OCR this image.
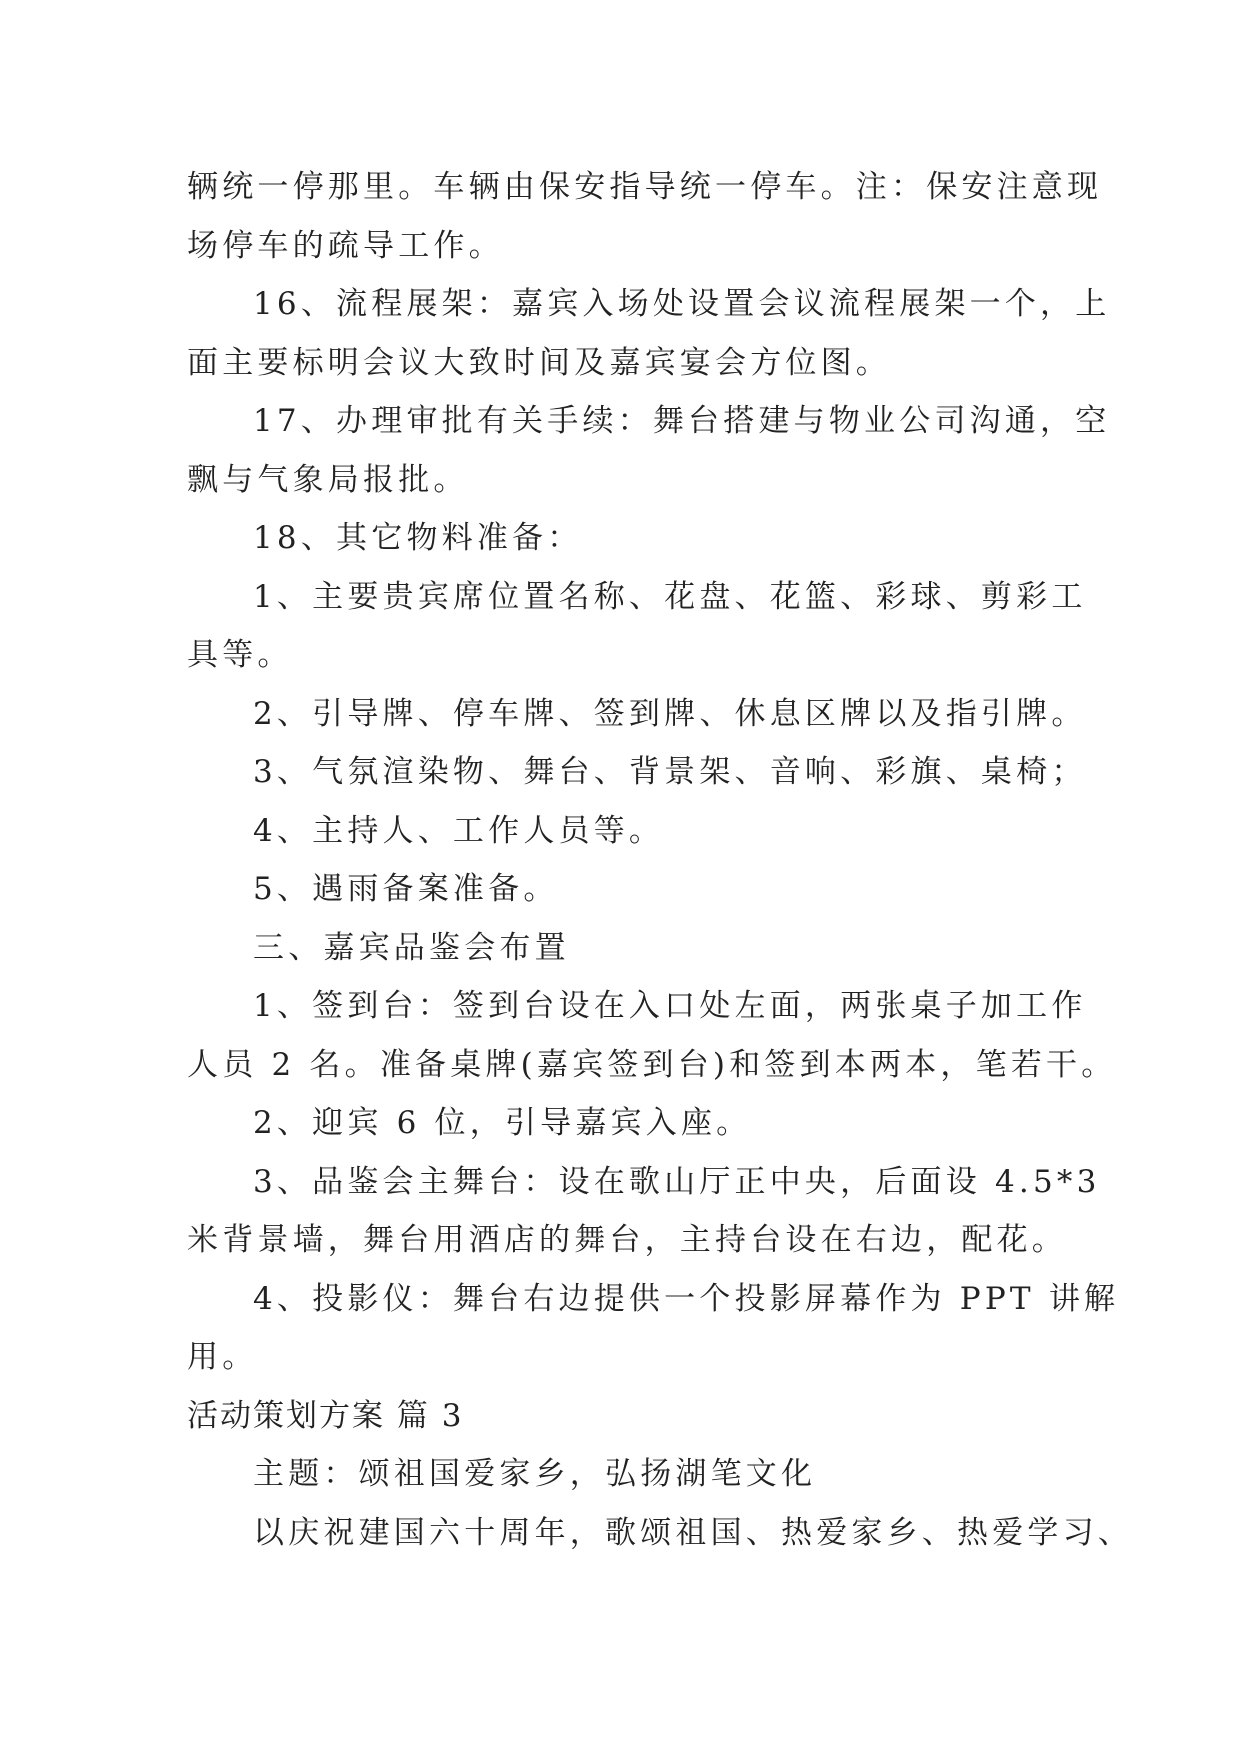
辆统一停那里。车辆由保安指导统一停车。注：保安注意现
场停车的疏导工作。
16、流程展架：嘉宾入场处设置会议流程展架一个，上
面主要标明会议大致时间及嘉宾宴会方位图。
17、办理审批有关手续：舞台搭建与物业公司沟通，空
飘与气象局报批。
18、其它物料准备：
1、主要贵宾席位置名称、花盘、花篮、彩球、剪彩工
具等。
2、引导牌、停车牌、签到牌、休息区牌以及指引牌。
3、气氛渲染物、舞台、背景架、音响、彩旗、桌椅；
4、主持人、工作人员等。
5、遇雨备案准备。
三、嘉宾品鉴会布置
1、签到台：签到台设在入口处左面，两张桌子加工作
人员 2 名。准备桌牌(嘉宾签到台)和签到本两本，笔若干。
2、迎宾 6 位，引导嘉宾入座。
3、品鉴会主舞台：设在歌山厅正中央，后面设 4.5*3
米背景墙，舞台用酒店的舞台，主持台设在右边，配花。
4、投影仪：舞台右边提供一个投影屏幕作为 PPT 讲解
用。
活动策划方案 篇 3
主题：颂祖国爱家乡，弘扬湖笔文化
以庆祝建国六十周年，歌颂祖国、热爱家乡、热爱学习、
